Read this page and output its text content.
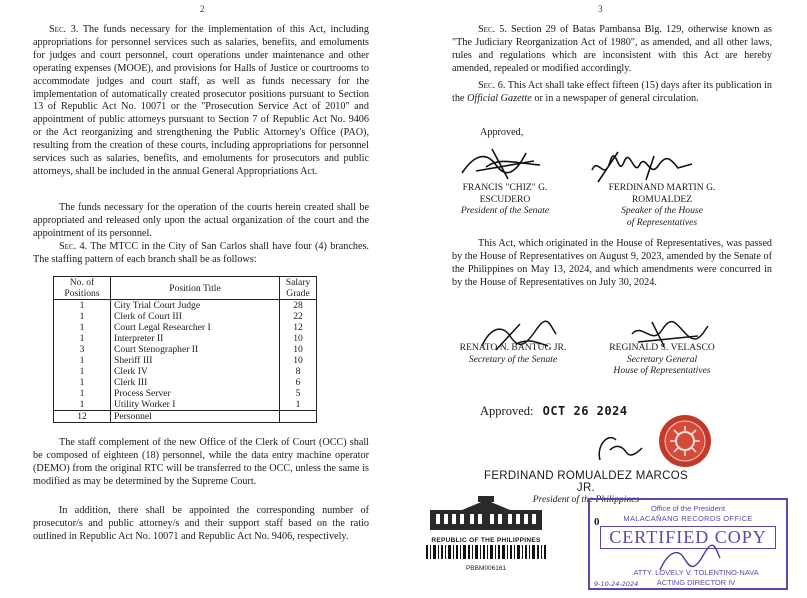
2

Sec. 3. The funds necessary for the implementation of this Act, including appropriations for personnel services such as salaries, benefits, and emoluments for judges and court personnel, court operations under maintenance and other operating expenses (MOOE), and provisions for Halls of Justice or courtrooms to accommodate judges and court staff, as well as funds necessary for the implementation of automatically created prosecutor positions pursuant to Section 13 of Republic Act No. 10071 or the "Prosecution Service Act of 2010" and appointment of public attorneys pursuant to Section 7 of Republic Act No. 9406 or the Act reorganizing and strengthening the Public Attorney's Office (PAO), resulting from the creation of these courts, including appropriations for personnel services such as salaries, benefits, and emoluments for prosecutors and public attorneys, shall be included in the annual General Appropriations Act.

The funds necessary for the operation of the courts herein created shall be appropriated and released only upon the actual organization of the court and the appointment of its personnel.

Sec. 4. The MTCC in the City of San Carlos shall have four (4) branches. The staffing pattern of each branch shall be as follows:

No. of Positions	Position Title	Salary Grade
1	City Trial Court Judge	28
1	Clerk of Court III	22
1	Court Legal Researcher I	12
1	Interpreter II	10
3	Court Stenographer II	10
1	Sheriff III	10
1	Clerk IV	8
1	Clerk III	6
1	Process Server	5
1	Utility Worker I	1
12	Personnel	

The staff complement of the new Office of the Clerk of Court (OCC) shall be composed of eighteen (18) personnel, while the data entry machine operator (DEMO) from the original RTC will be transferred to the OCC, unless the same is modified as may be determined by the Supreme Court.

In addition, there shall be appointed the corresponding number of prosecutor/s and public attorney/s and their support staff based on the ratio outlined in Republic Act No. 10071 and Republic Act No. 9406, respectively.

3

Sec. 5. Section 29 of Batas Pambansa Blg. 129, otherwise known as "The Judiciary Reorganization Act of 1980", as amended, and all other laws, rules and regulations which are inconsistent with this Act are hereby amended, repealed or modified accordingly.

Sec. 6. This Act shall take effect fifteen (15) days after its publication in the Official Gazette or in a newspaper of general circulation.

Approved,
FRANCIS "CHIZ" G. ESCUDERO
President of the Senate
FERDINAND MARTIN G. ROMUALDEZ
Speaker of the House
of Representatives

This Act, which originated in the House of Representatives, was passed by the House of Representatives on August 9, 2023, amended by the Senate of the Philippines on May 13, 2024, and which amendments were concurred in by the House of Representatives on July 30, 2024.

RENATO N. BANTUG JR.
Secretary of the Senate
REGINALD S. VELASCO
Secretary General
House of Representatives
Approved: OCT 26 2024
FERDINAND ROMUALDEZ MARCOS JR.
President of the Philippines
REPUBLIC OF THE PHILIPPINES
PBBM006161
0
Office of the President
MALACAÑANG RECORDS OFFICE
CERTIFIED COPY
ATTY. LOVELY V. TOLENTINO-NAVA
ACTING DIRECTOR IV
9-10-24-2024
